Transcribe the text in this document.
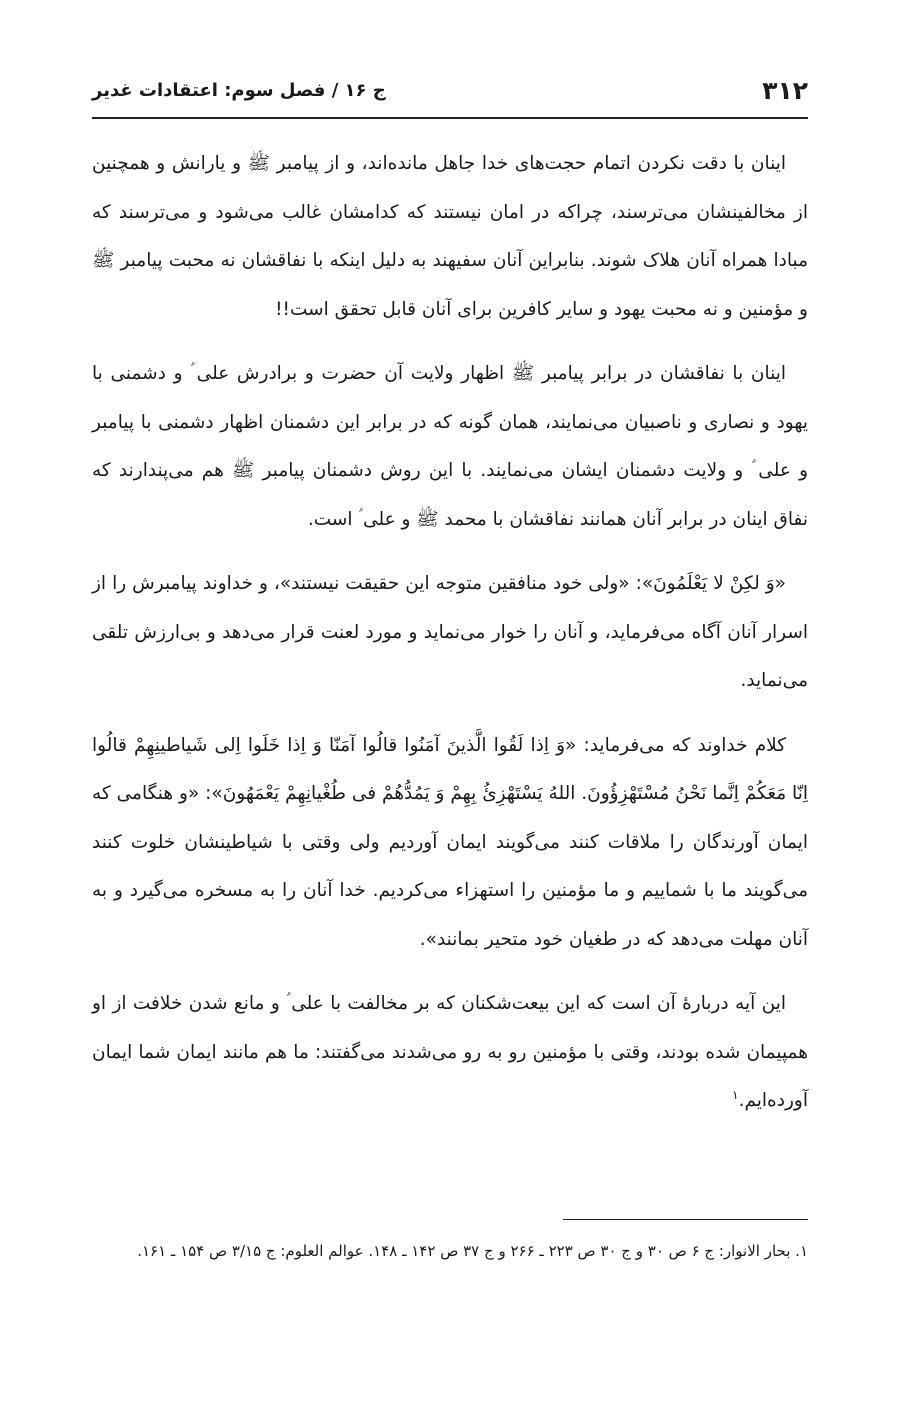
۳۱۲
ج ۱۶ / فصل سوم: اعتقادات غدیر

اینان با دقت نکردن اتمام حجت‌های خدا جاهل مانده‌اند، و از پیامبر ﷺ و یارانش و همچنین از مخالفینشان می‌ترسند، چراکه در امان نیستند که کدامشان غالب می‌شود و می‌ترسند که مبادا همراه آنان هلاک شوند. بنابراین آنان سفیهند به دلیل اینکه با نفاقشان نه محبت پیامبر ﷺ و مؤمنین و نه محبت یهود و سایر کافرین برای آنان قابل تحقق است!!

اینان با نفاقشان در برابر پیامبر ﷺ اظهار ولایت آن حضرت و برادرش علی ؑ و دشمنی با یهود و نصاری و ناصبیان می‌نمایند، همان گونه که در برابر این دشمنان اظهار دشمنی با پیامبر و علی ؑ و ولایت دشمنان ایشان می‌نمایند. با این روش دشمنان پیامبر ﷺ هم می‌پندارند که نفاق اینان در برابر آنان همانند نفاقشان با محمد ﷺ و علی ؑ است.

«وَ لكِنْ لا يَعْلَمُونَ»: «ولی خود منافقین متوجه این حقیقت نیستند»، و خداوند پیامبرش را از اسرار آنان آگاه می‌فرماید، و آنان را خوار می‌نماید و مورد لعنت قرار می‌دهد و بی‌ارزش تلقی می‌نماید.

کلام خداوند که می‌فرماید: «وَ اِذا لَقُوا الَّذينَ آمَنُوا قالُوا آمَنّا وَ اِذا خَلَوا اِلى شَياطينِهِمْ قالُوا اِنّا مَعَكُمْ اِنَّما نَحْنُ مُسْتَهْزِؤُونَ. اللهُ يَسْتَهْزِئُ بِهِمْ وَ يَمُدُّهُمْ فى طُغْيانِهِمْ يَعْمَهُونَ»: «و هنگامی که ایمان آورندگان را ملاقات کنند می‌گویند ایمان آوردیم ولی وقتی با شیاطینشان خلوت کنند می‌گویند ما با شماییم و ما مؤمنین را استهزاء می‌کردیم. خدا آنان را به مسخره می‌گیرد و به آنان مهلت می‌دهد که در طغیان خود متحیر بمانند».

این آیه دربارهٔ آن است که این بیعت‌شکنان که بر مخالفت با علی ؑ و مانع شدن خلافت از او همپیمان شده بودند، وقتی با مؤمنین رو به رو می‌شدند می‌گفتند: ما هم مانند ایمان شما ایمان آورده‌ایم.$^۱$

۱. بحار الانوار: ج ۶ ص ۳۰ و ج ۳۰ ص ۲۲۳ ـ ۲۶۶ و ج ۳۷ ص ۱۴۲ ـ ۱۴۸. عوالم العلوم: ج ۳/۱۵ ص ۱۵۴ ـ ۱۶۱.
